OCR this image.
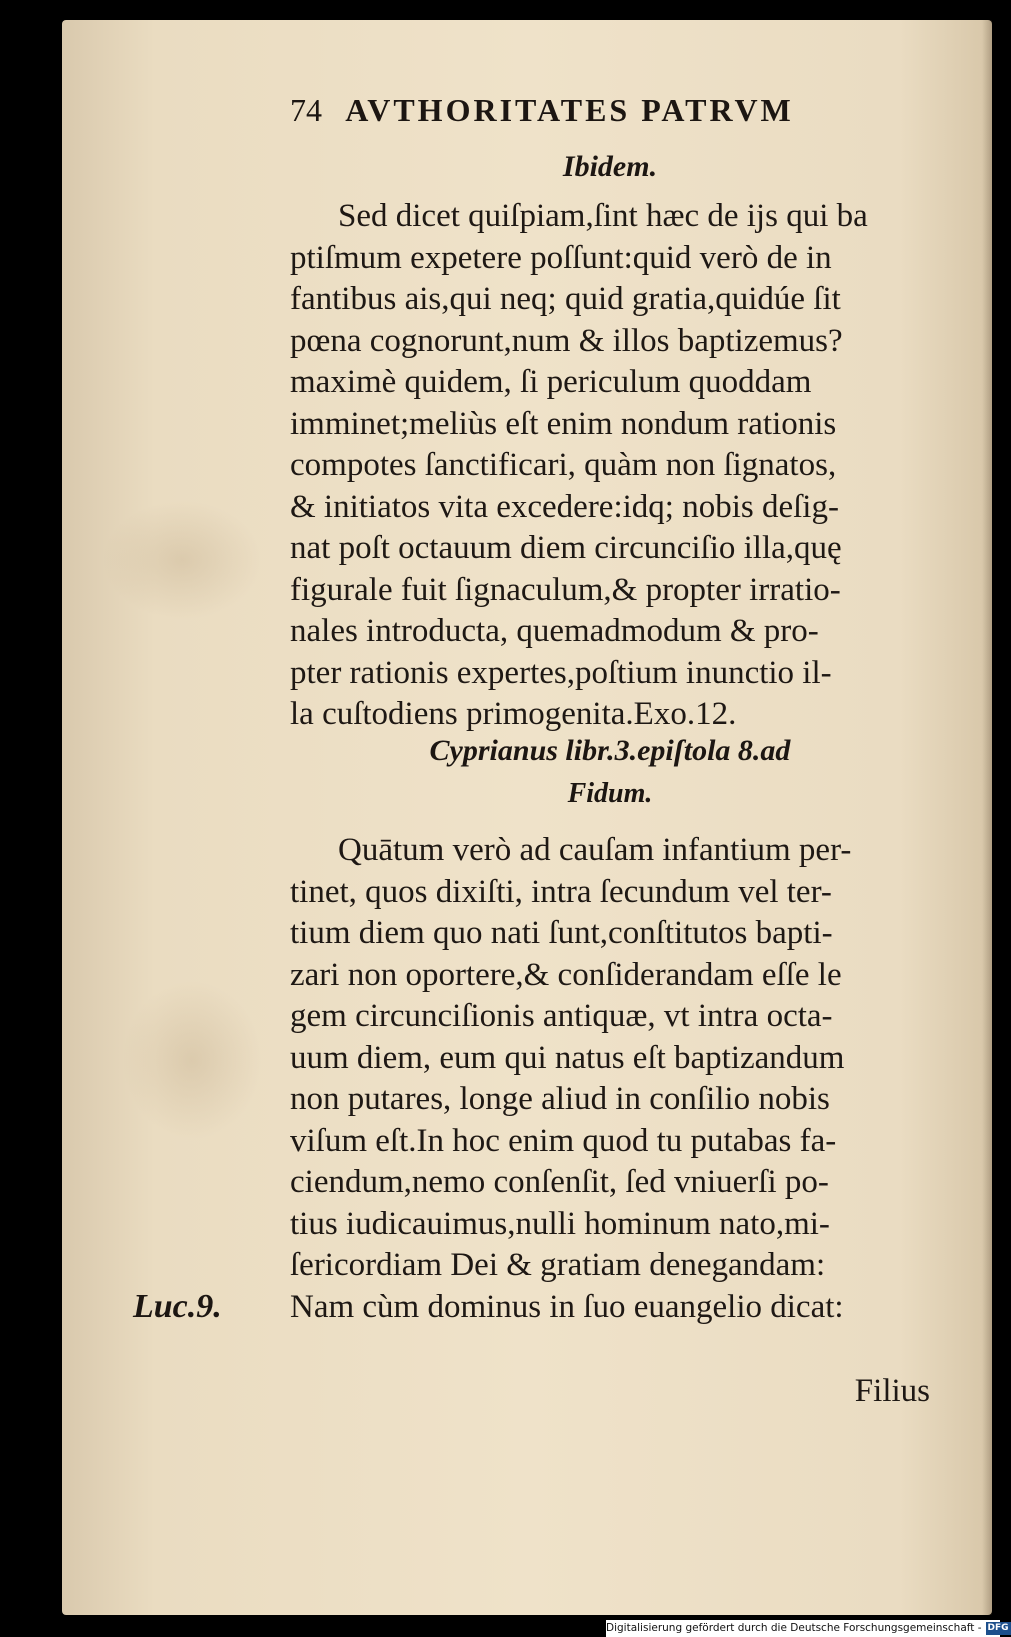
74 AVTHORITATES PATRVM
Ibidem.
Sed dicet quiſpiam,ſint hæc de ijs qui ba
ptiſmum expetere poſſunt:quid verò de in
fantibus ais,qui neq; quid gratia,quidúe ſit
pœna cognorunt,num & illos baptizemus?
maximè quidem, ſi periculum quoddam
imminet;meliùs eſt enim nondum rationis
compotes ſanctificari, quàm non ſignatos,
& initiatos vita excedere:idq; nobis deſig-
nat poſt octauum diem circunciſio illa,quę
figurale fuit ſignaculum,& propter irratio-
nales introducta, quemadmodum & pro-
pter rationis expertes,poſtium inunctio il-
la cuſtodiens primogenita.Exo.12.
Cyprianus libr.3.epiſtola 8.ad
Fidum.
Quātum verò ad cauſam infantium per-
tinet, quos dixiſti, intra ſecundum vel ter-
tium diem quo nati ſunt,conſtitutos bapti-
zari non oportere,& conſiderandam eſſe le
gem circunciſionis antiquæ, vt intra octa-
uum diem, eum qui natus eſt baptizandum
non putares, longe aliud in conſilio nobis
viſum eſt.In hoc enim quod tu putabas fa-
ciendum,nemo conſenſit, ſed vniuerſi po-
tius iudicauimus,nulli hominum nato,mi-
ſericordiam Dei & gratiam denegandam:
Nam cùm dominus in ſuo euangelio dicat:
Filius
Luc.9.
Digitalisierung gefördert durch die Deutsche Forschungsgemeinschaft - DFG
